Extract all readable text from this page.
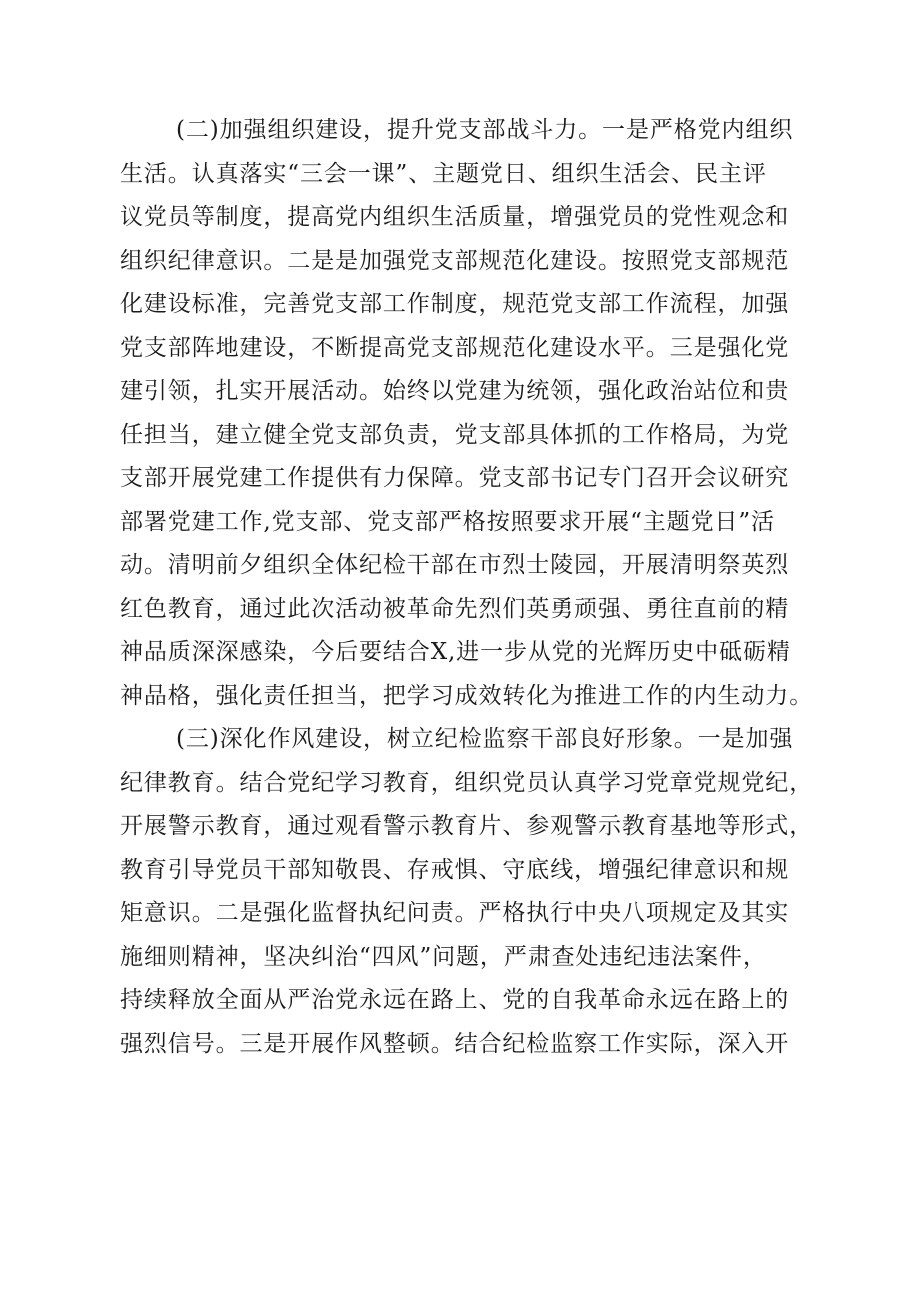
(二)加强组织建设，提升党支部战斗力。一是严格党内组织
生活。认真落实“三会一课”、主题党日、组织生活会、民主评
议党员等制度，提高党内组织生活质量，增强党员的党性观念和
组织纪律意识。二是是加强党支部规范化建设。按照党支部规范
化建设标准，完善党支部工作制度，规范党支部工作流程，加强
党支部阵地建设，不断提高党支部规范化建设水平。三是强化党
建引领，扎实开展活动。始终以党建为统领，强化政治站位和贵
任担当，建立健全党支部负责，党支部具体抓的工作格局，为党
支部开展党建工作提供有力保障。党支部书记专门召开会议研究
部署党建工作,党支部、党支部严格按照要求开展“主题党日”活
动。清明前夕组织全体纪检干部在市烈士陵园，开展清明祭英烈
红色教育，通过此次活动被革命先烈们英勇顽强、勇往直前的精
神品质深深感染，今后要结合X,进一步从党的光辉历史中砥砺精
神品格，强化责任担当，把学习成效转化为推进工作的内生动力。
(三)深化作风建设，树立纪检监察干部良好形象。一是加强
纪律教育。结合党纪学习教育，组织党员认真学习党章党规党纪，
开展警示教育，通过观看警示教育片、参观警示教育基地等形式，
教育引导党员干部知敬畏、存戒惧、守底线，增强纪律意识和规
矩意识。二是强化监督执纪问责。严格执行中央八项规定及其实
施细则精神，坚决纠治“四风”问题，严肃查处违纪违法案件，
持续释放全面从严治党永远在路上、党的自我革命永远在路上的
强烈信号。三是开展作风整顿。结合纪检监察工作实际，深入开
